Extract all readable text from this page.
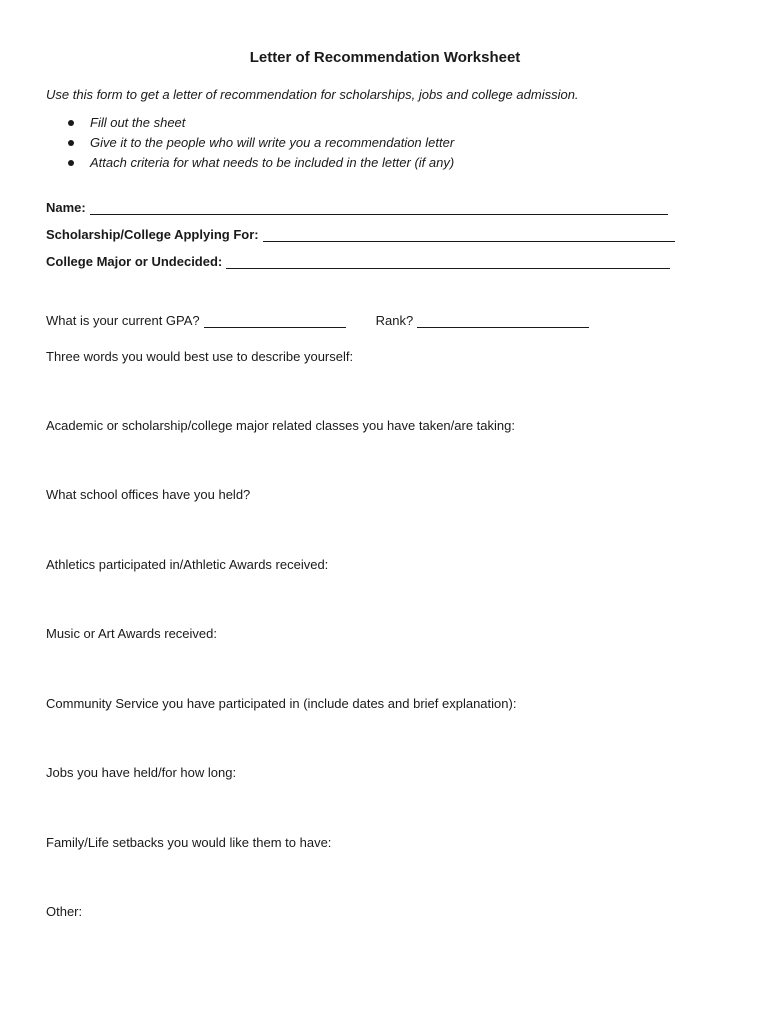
Letter of Recommendation Worksheet
Use this form to get a letter of recommendation for scholarships, jobs and college admission.
Fill out the sheet
Give it to the people who will write you a recommendation letter
Attach criteria for what needs to be included in the letter (if any)
Name:
Scholarship/College Applying For:
College Major or Undecided:
What is your current GPA?	Rank?
Three words you would best use to describe yourself:
Academic or scholarship/college major related classes you have taken/are taking:
What school offices have you held?
Athletics participated in/Athletic Awards received:
Music or Art Awards received:
Community Service you have participated in (include dates and brief explanation):
Jobs you have held/for how long:
Family/Life setbacks you would like them to have:
Other:
